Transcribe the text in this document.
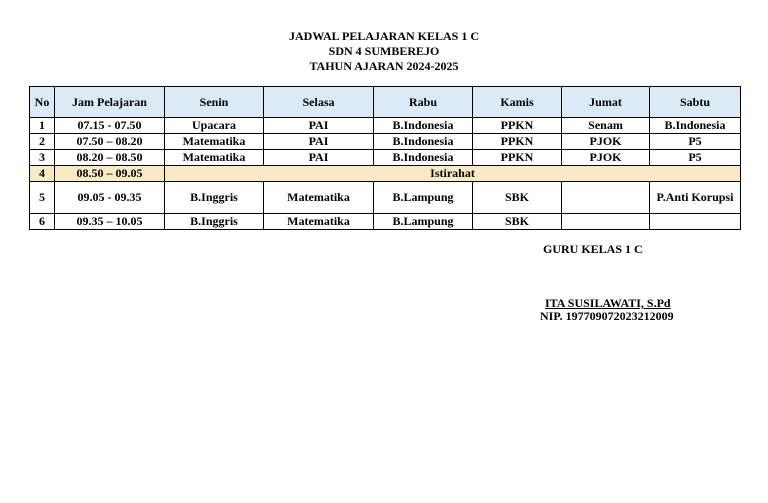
JADWAL PELAJARAN KELAS 1 C
SDN 4 SUMBEREJO
TAHUN AJARAN 2024-2025
No	Jam Pelajaran	Senin	Selasa	Rabu	Kamis	Jumat	Sabtu
1	07.15 - 07.50	Upacara	PAI	B.Indonesia	PPKN	Senam	B.Indonesia
2	07.50 – 08.20	Matematika	PAI	B.Indonesia	PPKN	PJOK	P5
3	08.20 – 08.50	Matematika	PAI	B.Indonesia	PPKN	PJOK	P5
4	08.50 – 09.05	Istirahat					
5	09.05 - 09.35	B.Inggris	Matematika	B.Lampung	SBK		P.Anti Korupsi
6	09.35 – 10.05	B.Inggris	Matematika	B.Lampung	SBK		
GURU KELAS 1 C
ITA SUSILAWATI, S.Pd
NIP. 197709072023212009
